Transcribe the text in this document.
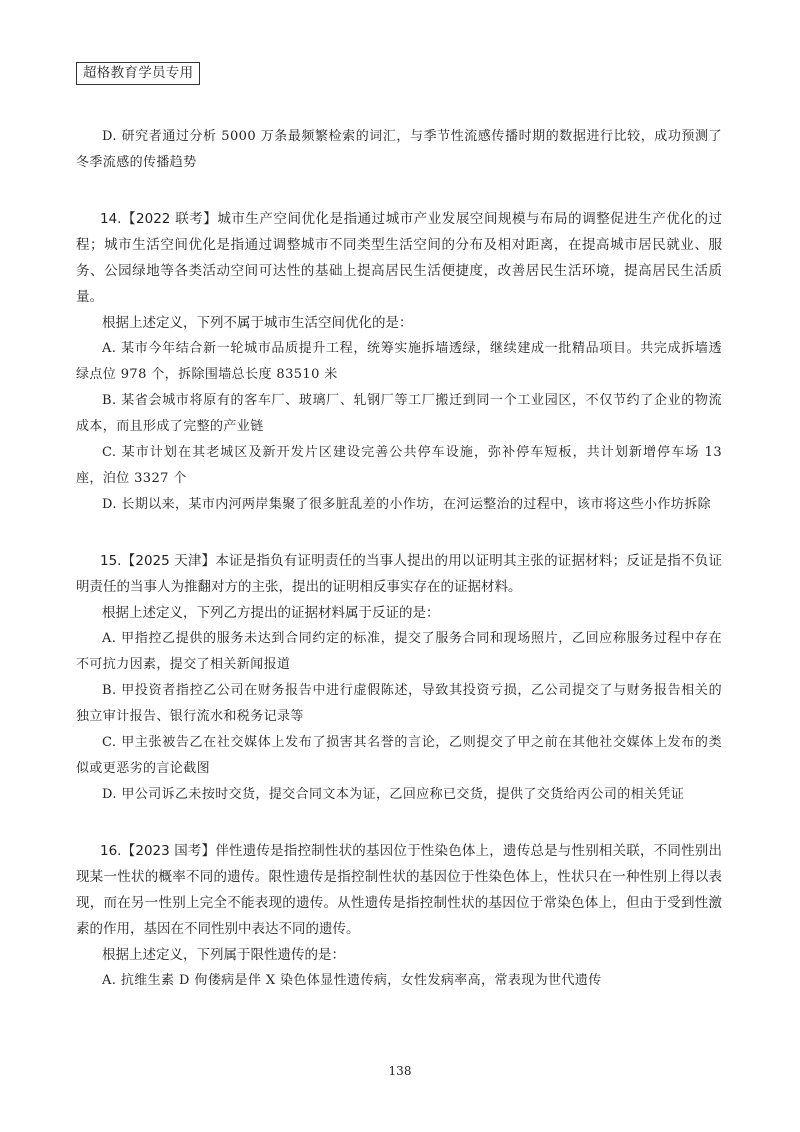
超格教育学员专用

D. 研究者通过分析 5000 万条最频繁检索的词汇，与季节性流感传播时期的数据进行比较，成功预测了冬季流感的传播趋势

14.【2022 联考】城市生产空间优化是指通过城市产业发展空间规模与布局的调整促进生产优化的过程；城市生活空间优化是指通过调整城市不同类型生活空间的分布及相对距离，在提高城市居民就业、服务、公园绿地等各类活动空间可达性的基础上提高居民生活便捷度，改善居民生活环境，提高居民生活质量。

根据上述定义，下列不属于城市生活空间优化的是：

A. 某市今年结合新一轮城市品质提升工程，统筹实施拆墙透绿，继续建成一批精品项目。共完成拆墙透绿点位 978 个，拆除围墙总长度 83510 米

B. 某省会城市将原有的客车厂、玻璃厂、轧钢厂等工厂搬迁到同一个工业园区，不仅节约了企业的物流成本，而且形成了完整的产业链

C. 某市计划在其老城区及新开发片区建设完善公共停车设施，弥补停车短板，共计划新增停车场 13 座，泊位 3327 个

D. 长期以来，某市内河两岸集聚了很多脏乱差的小作坊，在河运整治的过程中，该市将这些小作坊拆除

15.【2025 天津】本证是指负有证明责任的当事人提出的用以证明其主张的证据材料；反证是指不负证明责任的当事人为推翻对方的主张，提出的证明相反事实存在的证据材料。

根据上述定义，下列乙方提出的证据材料属于反证的是：

A. 甲指控乙提供的服务未达到合同约定的标准，提交了服务合同和现场照片，乙回应称服务过程中存在不可抗力因素，提交了相关新闻报道

B. 甲投资者指控乙公司在财务报告中进行虚假陈述，导致其投资亏损，乙公司提交了与财务报告相关的独立审计报告、银行流水和税务记录等

C. 甲主张被告乙在社交媒体上发布了损害其名誉的言论，乙则提交了甲之前在其他社交媒体上发布的类似或更恶劣的言论截图

D. 甲公司诉乙未按时交货，提交合同文本为证，乙回应称已交货，提供了交货给丙公司的相关凭证

16.【2023 国考】伴性遗传是指控制性状的基因位于性染色体上，遗传总是与性别相关联，不同性别出现某一性状的概率不同的遗传。限性遗传是指控制性状的基因位于性染色体上，性状只在一种性别上得以表现，而在另一性别上完全不能表现的遗传。从性遗传是指控制性状的基因位于常染色体上，但由于受到性激素的作用，基因在不同性别中表达不同的遗传。

根据上述定义，下列属于限性遗传的是：

A. 抗维生素 D 佝偻病是伴 X 染色体显性遗传病，女性发病率高，常表现为世代遗传

138
